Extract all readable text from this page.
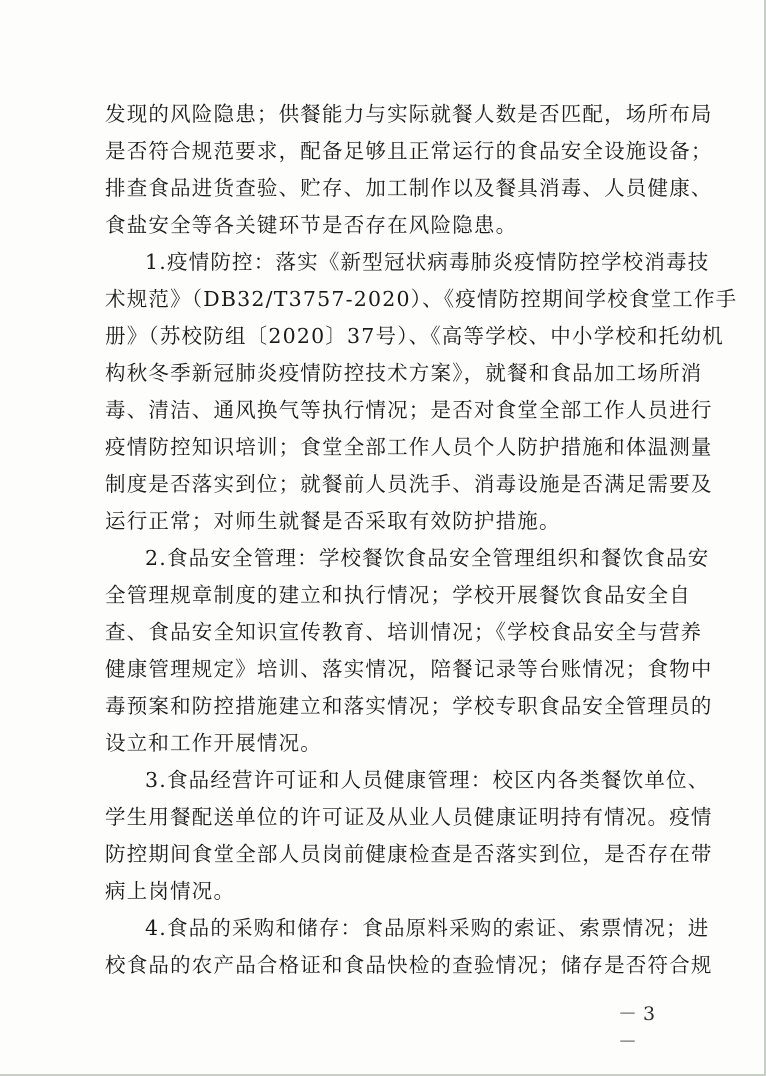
发现的风险隐患；供餐能力与实际就餐人数是否匹配，场所布局
是否符合规范要求，配备足够且正常运行的食品安全设施设备；
排查食品进货查验、贮存、加工制作以及餐具消毒、人员健康、
食盐安全等各关键环节是否存在风险隐患。
1.疫情防控：落实《新型冠状病毒肺炎疫情防控学校消毒技
术规范》（DB32/T3757-2020）、《疫情防控期间学校食堂工作手
册》（苏校防组〔2020〕37号）、《高等学校、中小学校和托幼机
构秋冬季新冠肺炎疫情防控技术方案》，就餐和食品加工场所消
毒、清洁、通风换气等执行情况；是否对食堂全部工作人员进行
疫情防控知识培训；食堂全部工作人员个人防护措施和体温测量
制度是否落实到位；就餐前人员洗手、消毒设施是否满足需要及
运行正常；对师生就餐是否采取有效防护措施。
2.食品安全管理：学校餐饮食品安全管理组织和餐饮食品安
全管理规章制度的建立和执行情况；学校开展餐饮食品安全自
查、食品安全知识宣传教育、培训情况；《学校食品安全与营养
健康管理规定》培训、落实情况，陪餐记录等台账情况；食物中
毒预案和防控措施建立和落实情况；学校专职食品安全管理员的
设立和工作开展情况。
3.食品经营许可证和人员健康管理：校区内各类餐饮单位、
学生用餐配送单位的许可证及从业人员健康证明持有情况。疫情
防控期间食堂全部人员岗前健康检查是否落实到位，是否存在带
病上岗情况。
4.食品的采购和储存：食品原料采购的索证、索票情况；进
校食品的农产品合格证和食品快检的查验情况；储存是否符合规
－ 3 －
